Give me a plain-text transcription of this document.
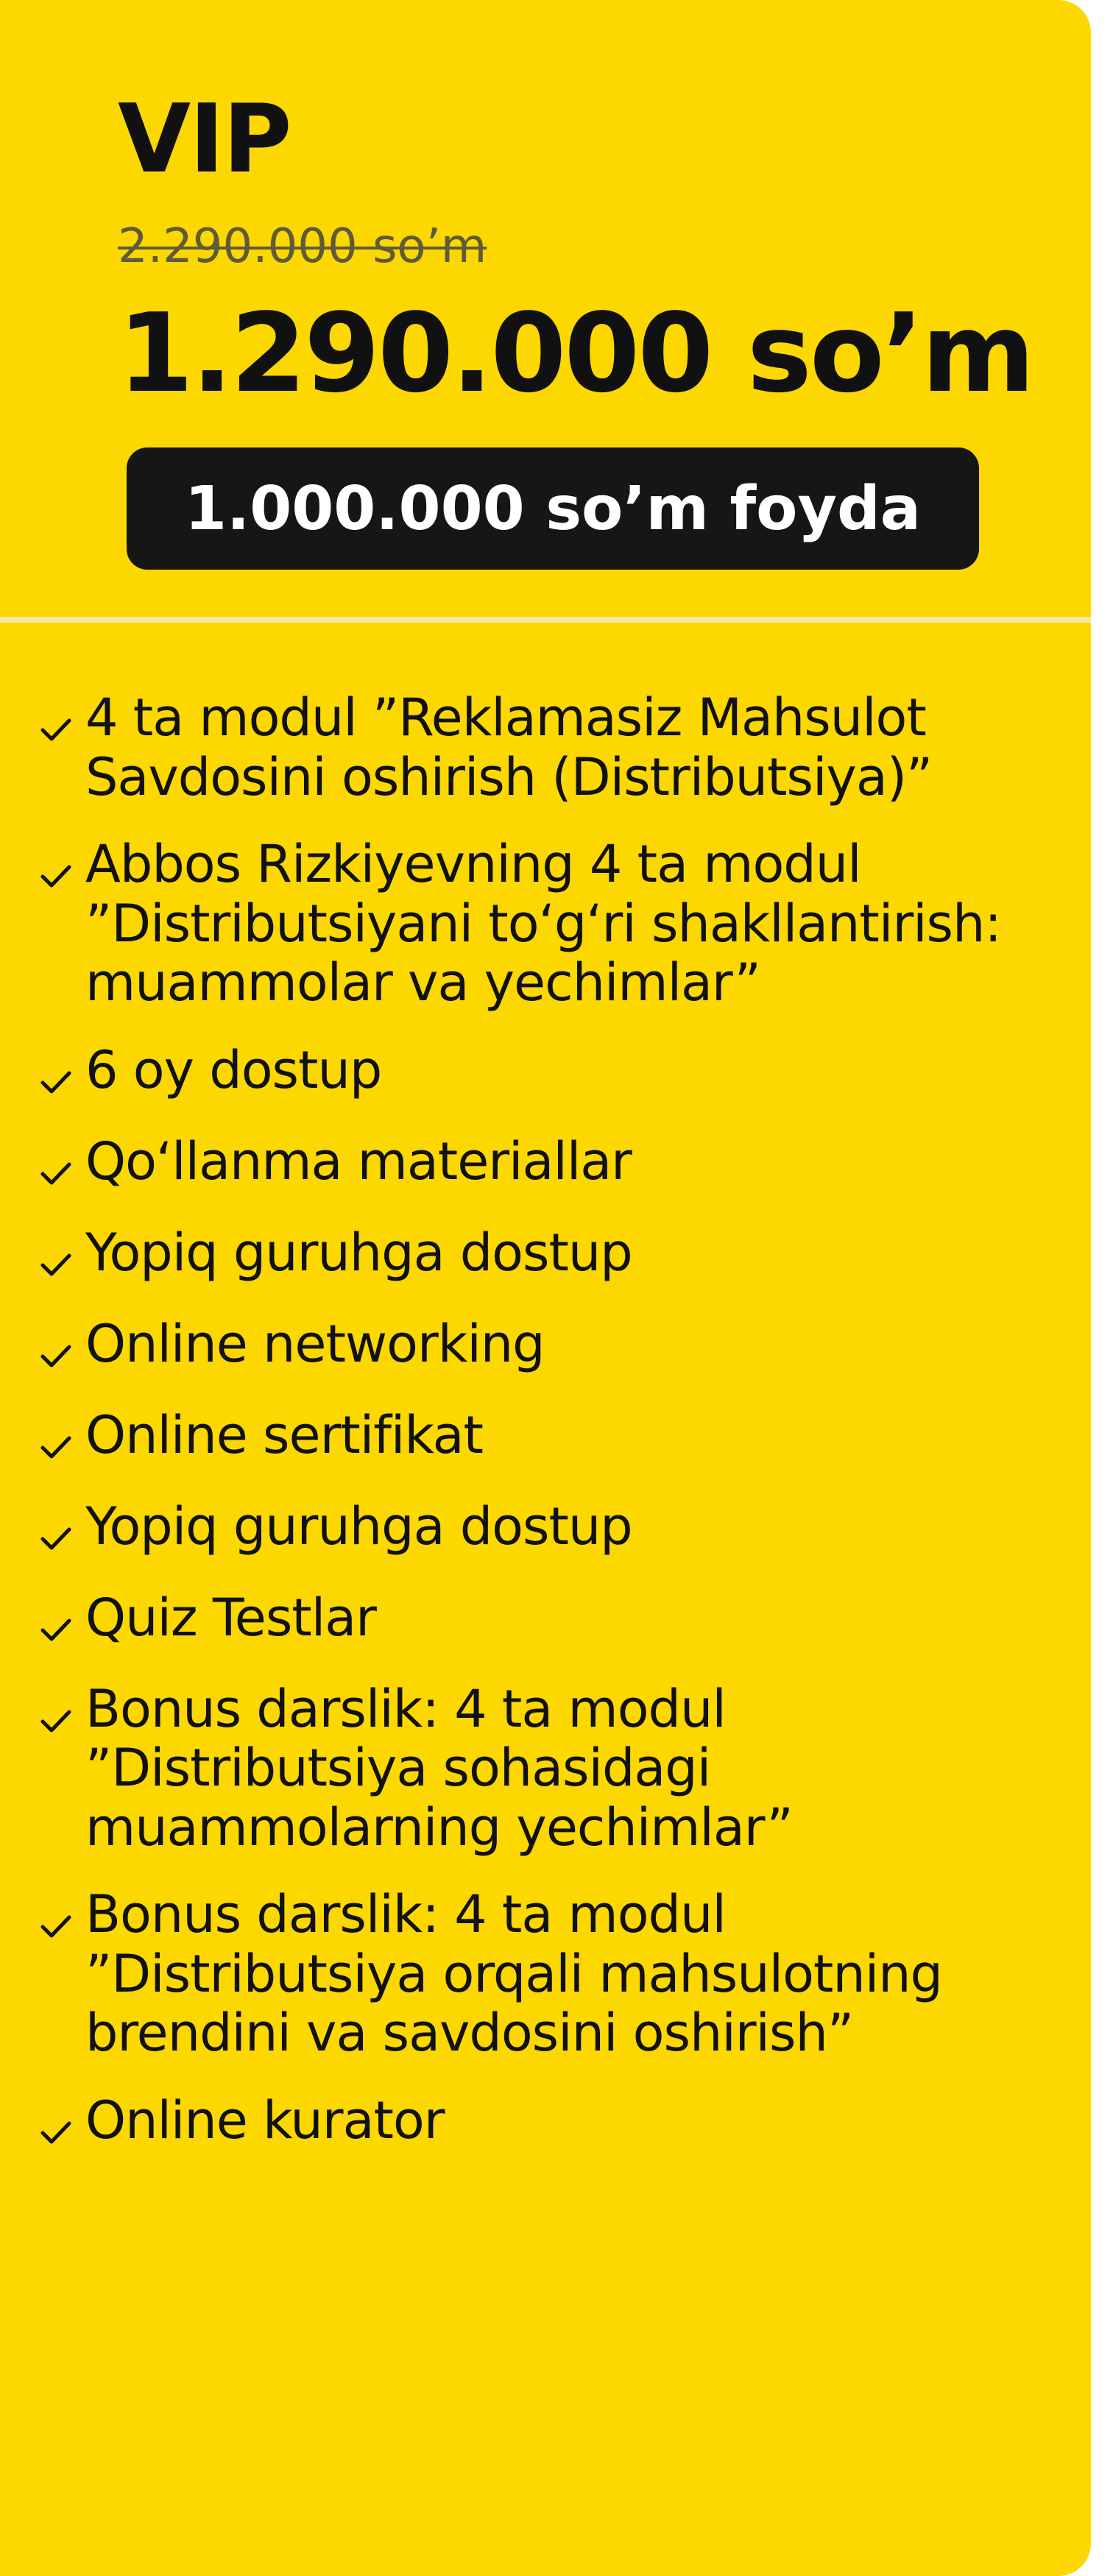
VIP
2.290.000 so’m
1.290.000 so’m
1.000.000 so’m foyda
4 ta modul ”Reklamasiz Mahsulot
Savdosini oshirish (Distributsiya)”
Abbos Rizkiyevning 4 ta modul
”Distributsiyani to‘g‘ri shakllantirish:
muammolar va yechimlar”
6 oy dostup
Qo‘llanma materiallar
Yopiq guruhga dostup
Online networking
Online sertifikat
Yopiq guruhga dostup
Quiz Testlar
Bonus darslik: 4 ta modul
”Distributsiya sohasidagi
muammolarning yechimlar”
Bonus darslik: 4 ta modul
”Distributsiya orqali mahsulotning
brendini va savdosini oshirish”
Online kurator
